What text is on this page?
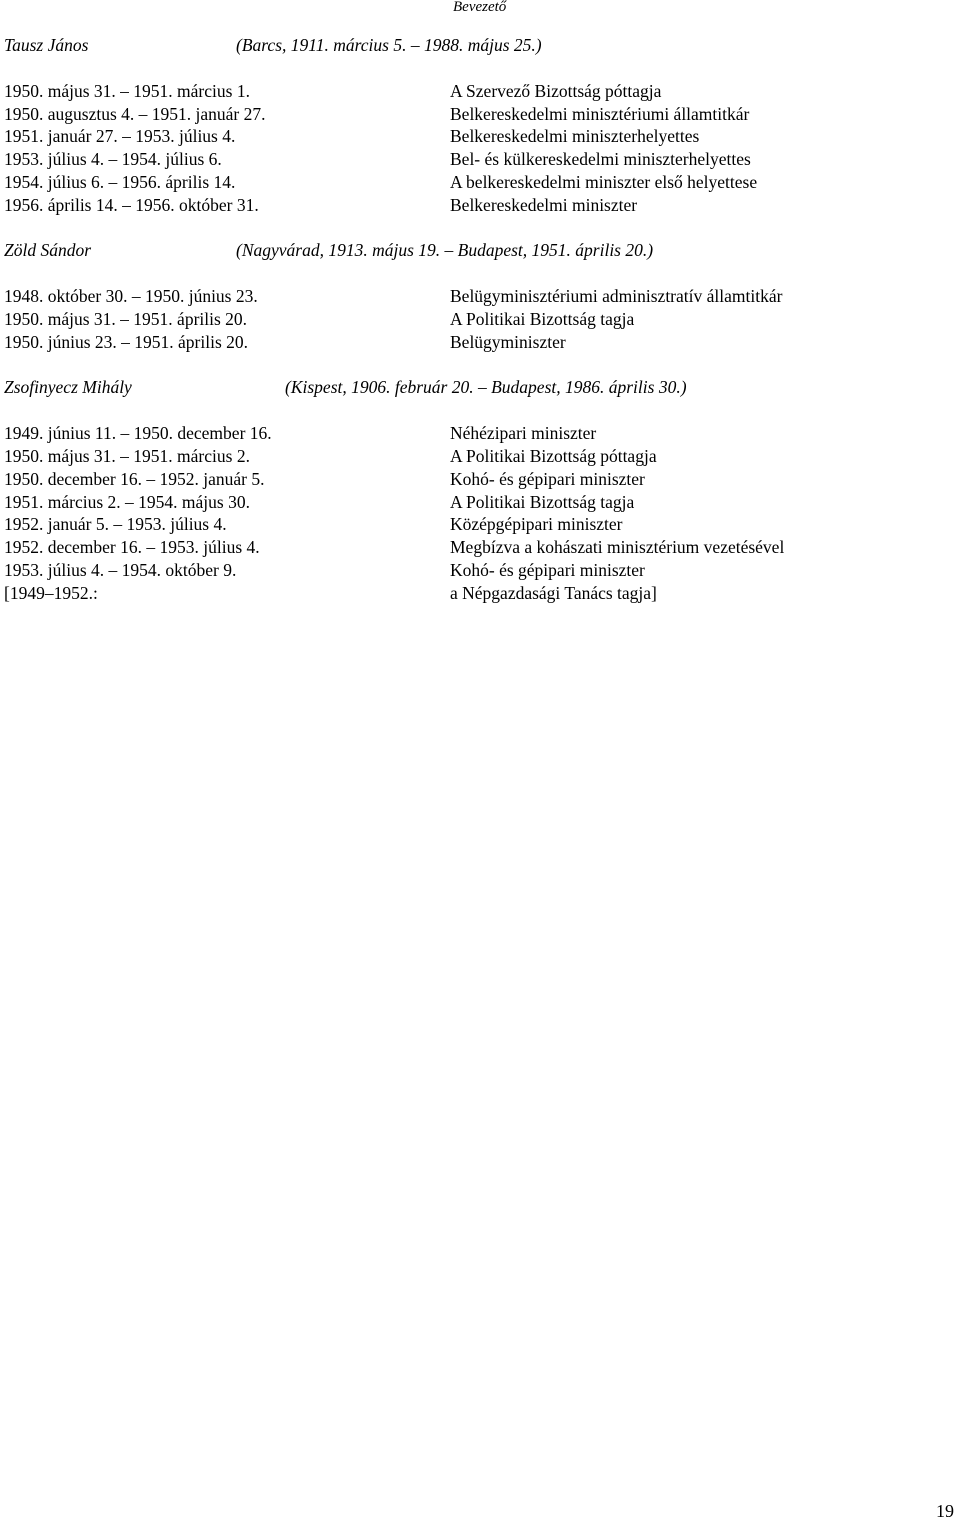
Bevezető
Tausz János	(Barcs, 1911. március 5. – 1988. május 25.)
1950. május 31. – 1951. március 1.	A Szervező Bizottság póttagja
1950. augusztus 4. – 1951. január 27.	Belkereskedelmi minisztériumi államtitkár
1951. január 27. – 1953. július 4.	Belkereskedelmi miniszterhelyettes
1953. július 4. – 1954. július 6.	Bel- és külkereskedelmi miniszterhelyettes
1954. július 6. – 1956. április 14.	A belkereskedelmi miniszter első helyettese
1956. április 14. – 1956. október 31.	Belkereskedelmi miniszter
Zöld Sándor	(Nagyvárad, 1913. május 19. – Budapest, 1951. április 20.)
1948. október 30. – 1950. június 23.	Belügyminisztériumi adminisztratív államtitkár
1950. május 31. – 1951. április 20.	A Politikai Bizottság tagja
1950. június 23. – 1951. április 20.	Belügyminiszter
Zsofinyecz Mihály	(Kispest, 1906. február 20. – Budapest, 1986. április 30.)
1949. június 11. – 1950. december 16.	Néhézipari miniszter
1950. május 31. – 1951. március 2.	A Politikai Bizottság póttagja
1950. december 16. – 1952. január 5.	Kohó- és gépipari miniszter
1951. március 2. – 1954. május 30.	A Politikai Bizottság tagja
1952. január 5. – 1953. július 4.	Középgépipari miniszter
1952. december 16. – 1953. július 4.	Megbízva a kohászati minisztérium vezetésével
1953. július 4. – 1954. október 9.	Kohó- és gépipari miniszter
[1949–1952.:	a Népgazdasági Tanács tagja]
19
